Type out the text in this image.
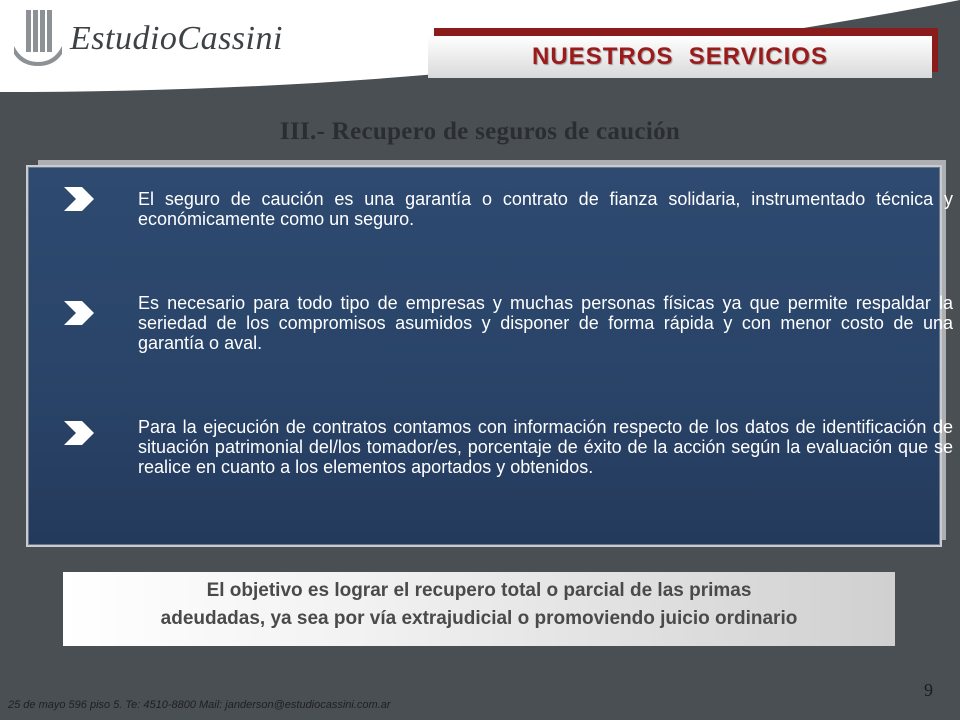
EstudioCassini	NUESTROS  SERVICIOS
III.- Recupero de seguros de caución

El seguro de caución es una garantía o contrato de fianza solidaria, instrumentado técnica y económicamente como un seguro.

Es necesario para todo tipo de empresas y muchas personas físicas ya que permite respaldar la seriedad de los compromisos asumidos y disponer de forma rápida y con menor costo de una garantía o aval.

Para la ejecución de contratos contamos con información respecto de los datos de identificación de situación patrimonial del/los tomador/es, porcentaje de éxito de la acción según la evaluación que se realice en cuanto a los elementos aportados y obtenidos.

El objetivo es lograr el recupero total o parcial de las primas
adeudadas, ya sea por vía extrajudicial o promoviendo juicio ordinario
9
25 de mayo 596 piso 5. Te: 4510-8800 Mail: janderson@estudiocassini.com.ar
